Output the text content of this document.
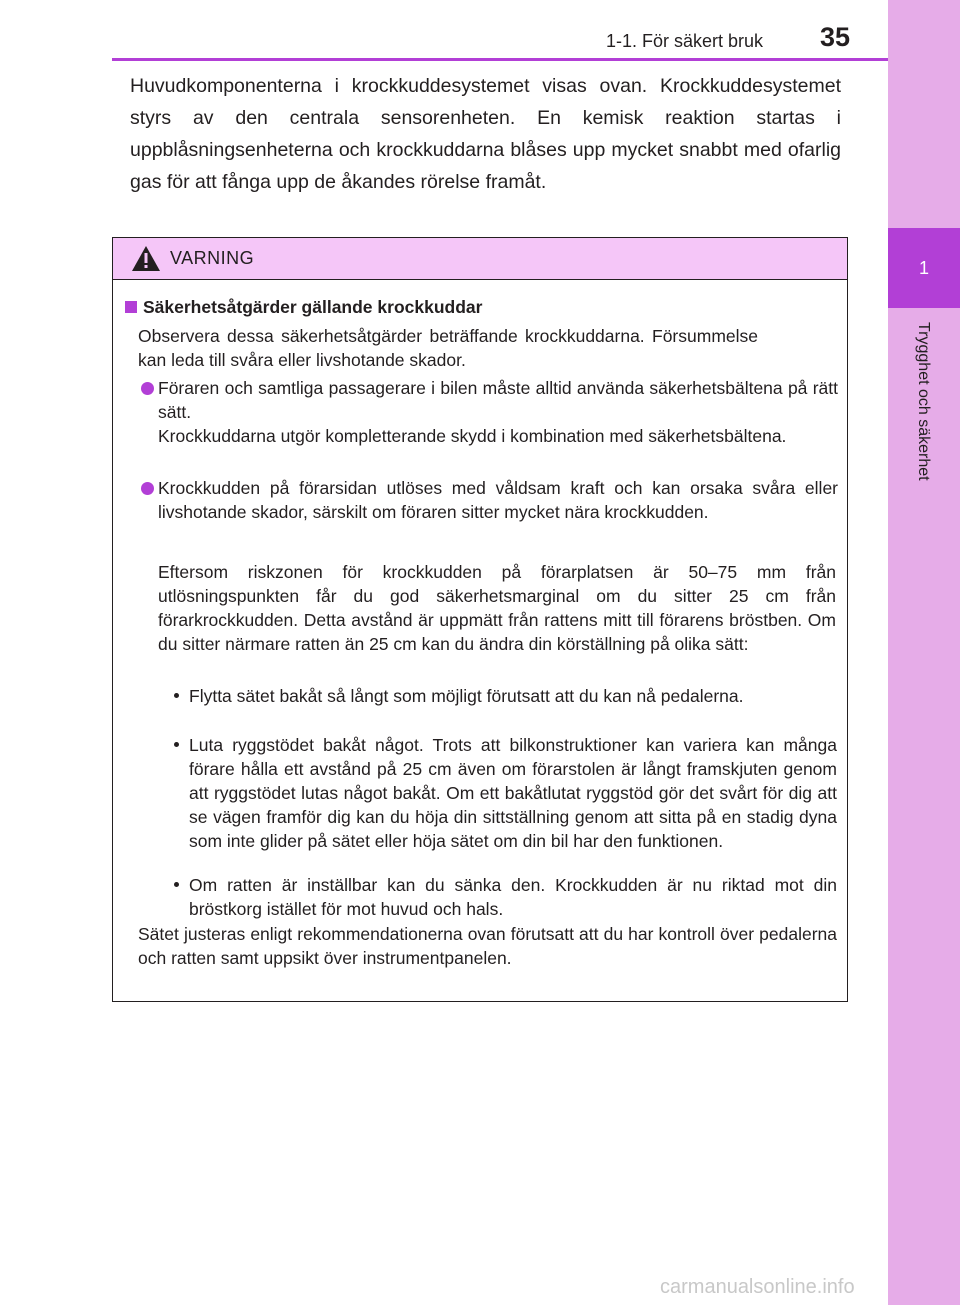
1
Trygghet och säkerhet
1-1. För säkert bruk 35

Huvudkomponenterna i krockkuddesystemet visas ovan. Krockkuddesystemet styrs av den centrala sensorenheten. En kemisk reaktion startas i uppblåsningsenheterna och krockkuddarna blåses upp mycket snabbt med ofarlig gas för att fånga upp de åkandes rörelse framåt.

VARNING
Säkerhetsåtgärder gällande krockkuddar

Observera dessa säkerhetsåtgärder beträffande krockkuddarna. Försummelse kan leda till svåra eller livshotande skador.

Föraren och samtliga passagerare i bilen måste alltid använda säkerhetsbältena på rätt sätt.

Krockkuddarna utgör kompletterande skydd i kombination med säkerhetsbältena.

Krockkudden på förarsidan utlöses med våldsam kraft och kan orsaka svåra eller livshotande skador, särskilt om föraren sitter mycket nära krockkudden.

Eftersom riskzonen för krockkudden på förarplatsen är 50–75 mm från utlösningspunkten får du god säkerhetsmarginal om du sitter 25 cm från förarkrockkudden. Detta avstånd är uppmätt från rattens mitt till förarens bröstben. Om du sitter närmare ratten än 25 cm kan du ändra din körställning på olika sätt:

Flytta sätet bakåt så långt som möjligt förutsatt att du kan nå pedalerna.

Luta ryggstödet bakåt något. Trots att bilkonstruktioner kan variera kan många förare hålla ett avstånd på 25 cm även om förarstolen är långt framskjuten genom att ryggstödet lutas något bakåt. Om ett bakåtlutat ryggstöd gör det svårt för dig att se vägen framför dig kan du höja din sittställning genom att sitta på en stadig dyna som inte glider på sätet eller höja sätet om din bil har den funktionen.

Om ratten är inställbar kan du sänka den. Krockkudden är nu riktad mot din bröstkorg istället för mot huvud och hals.

Sätet justeras enligt rekommendationerna ovan förutsatt att du har kontroll över pedalerna och ratten samt uppsikt över instrumentpanelen.

carmanualsonline.info
